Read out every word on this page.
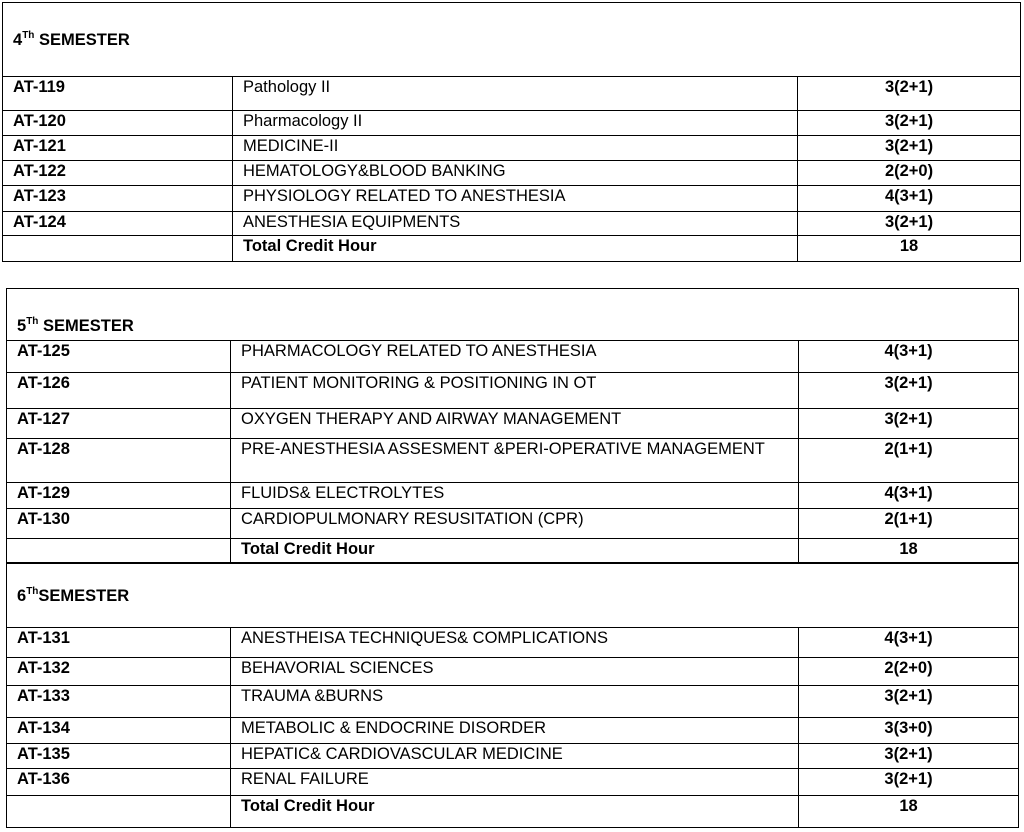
4Th SEMESTER		
AT-119	Pathology II	3(2+1)
AT-120	Pharmacology II	3(2+1)
AT-121	MEDICINE-II	3(2+1)
AT-122	HEMATOLOGY&BLOOD BANKING	2(2+0)
AT-123	PHYSIOLOGY RELATED TO ANESTHESIA	4(3+1)
AT-124	ANESTHESIA EQUIPMENTS	3(2+1)
	Total Credit Hour	18
5Th SEMESTER		
AT-125	PHARMACOLOGY RELATED TO ANESTHESIA	4(3+1)
AT-126	PATIENT MONITORING & POSITIONING IN OT	3(2+1)
AT-127	OXYGEN THERAPY AND AIRWAY MANAGEMENT	3(2+1)
AT-128	PRE-ANESTHESIA ASSESMENT &PERI-OPERATIVE MANAGEMENT	2(1+1)
AT-129	FLUIDS& ELECTROLYTES	4(3+1)
AT-130	CARDIOPULMONARY RESUSITATION (CPR)	2(1+1)
	Total Credit Hour	18
6ThSEMESTER		
AT-131	ANESTHEISA TECHNIQUES& COMPLICATIONS	4(3+1)
AT-132	BEHAVORIAL SCIENCES	2(2+0)
AT-133	TRAUMA &BURNS	3(2+1)
AT-134	METABOLIC & ENDOCRINE DISORDER	3(3+0)
AT-135	HEPATIC& CARDIOVASCULAR MEDICINE	3(2+1)
AT-136	RENAL FAILURE	3(2+1)
	Total Credit Hour	18
